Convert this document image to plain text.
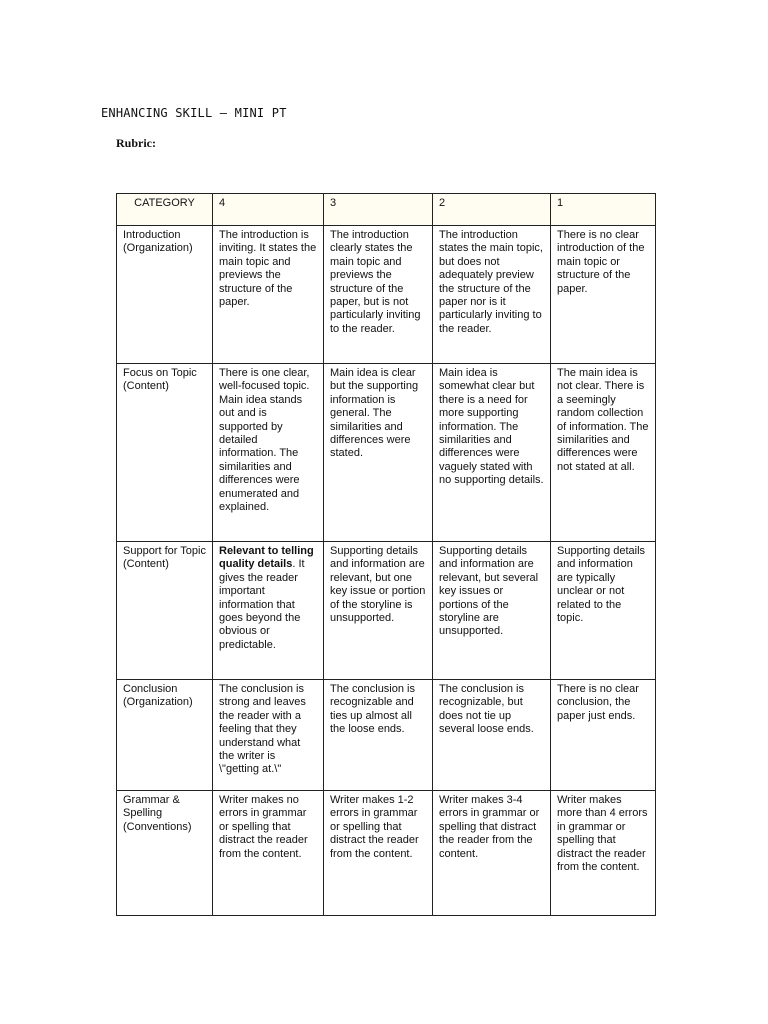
ENHANCING SKILL – MINI PT

Rubric:

CATEGORY	4	3	2	1
Introduction (Organization)	The introduction is inviting. It states the main topic and previews the structure of the paper.	The introduction clearly states the main topic and previews the structure of the paper, but is not particularly inviting to the reader.	The introduction states the main topic, but does not adequately preview the structure of the paper nor is it particularly inviting to the reader.	There is no clear introduction of the main topic or structure of the paper.
Focus on Topic (Content)	There is one clear, well-focused topic. Main idea stands out and is supported by detailed information. The similarities and differences were enumerated and explained.	Main idea is clear but the supporting information is general. The similarities and differences were stated.	Main idea is somewhat clear but there is a need for more supporting information. The similarities and differences were vaguely stated with no supporting details.	The main idea is not clear. There is a seemingly random collection of information. The similarities and differences were not stated at all.
Support for Topic (Content)	Relevant to telling quality details. It gives the reader important information that goes beyond the obvious or predictable.	Supporting details and information are relevant, but one key issue or portion of the storyline is unsupported.	Supporting details and information are relevant, but several key issues or portions of the storyline are unsupported.	Supporting details and information are typically unclear or not related to the topic.
Conclusion (Organization)	The conclusion is strong and leaves the reader with a feeling that they understand what the writer is \"getting at.\"	The conclusion is recognizable and ties up almost all the loose ends.	The conclusion is recognizable, but does not tie up several loose ends.	There is no clear conclusion, the paper just ends.
Grammar & Spelling (Conventions)	Writer makes no errors in grammar or spelling that distract the reader from the content.	Writer makes 1-2 errors in grammar or spelling that distract the reader from the content.	Writer makes 3-4 errors in grammar or spelling that distract the reader from the content.	Writer makes more than 4 errors in grammar or spelling that distract the reader from the content.
